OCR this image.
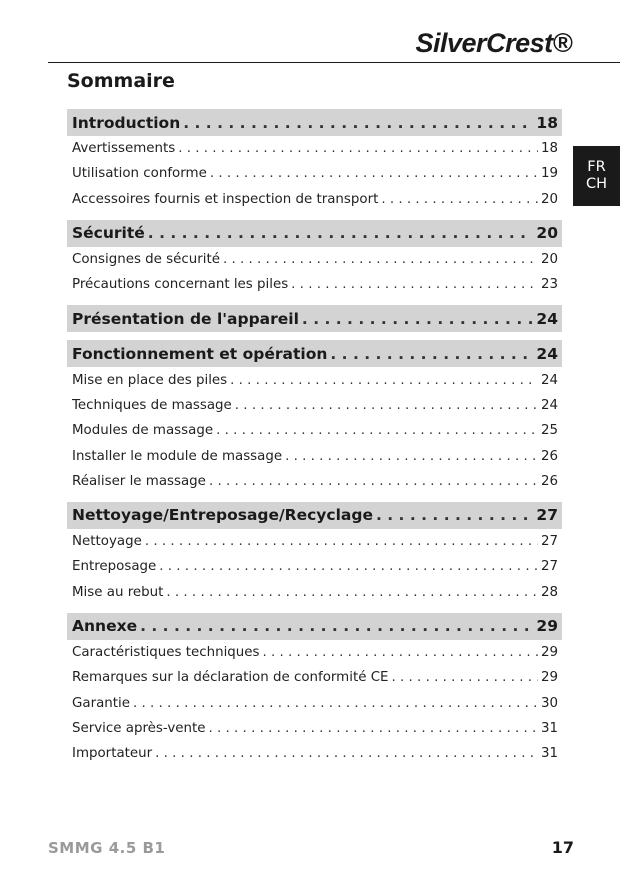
SilverCrest®
Sommaire
FR
CH
Introduction . . .	18
Avertissements . . .	18
Utilisation conforme . . .	19
Accessoires fournis et inspection de transport . . .	20
Sécurité . . .	20
Consignes de sécurité . . .	20
Précautions concernant les piles . . .	23
Présentation de l'appareil . . .	24
Fonctionnement et opération . . .	24
Mise en place des piles . . .	24
Techniques de massage . . .	24
Modules de massage . . .	25
Installer le module de massage . . .	26
Réaliser le massage . . .	26
Nettoyage/Entreposage/Recyclage . . .	27
Nettoyage . . .	27
Entreposage . . .	27
Mise au rebut . . .	28
Annexe . . .	29
Caractéristiques techniques . . .	29
Remarques sur la déclaration de conformité CE . . .	29
Garantie . . .	30
Service après-vente . . .	31
Importateur . . .	31
SMMG 4.5 B1	17
